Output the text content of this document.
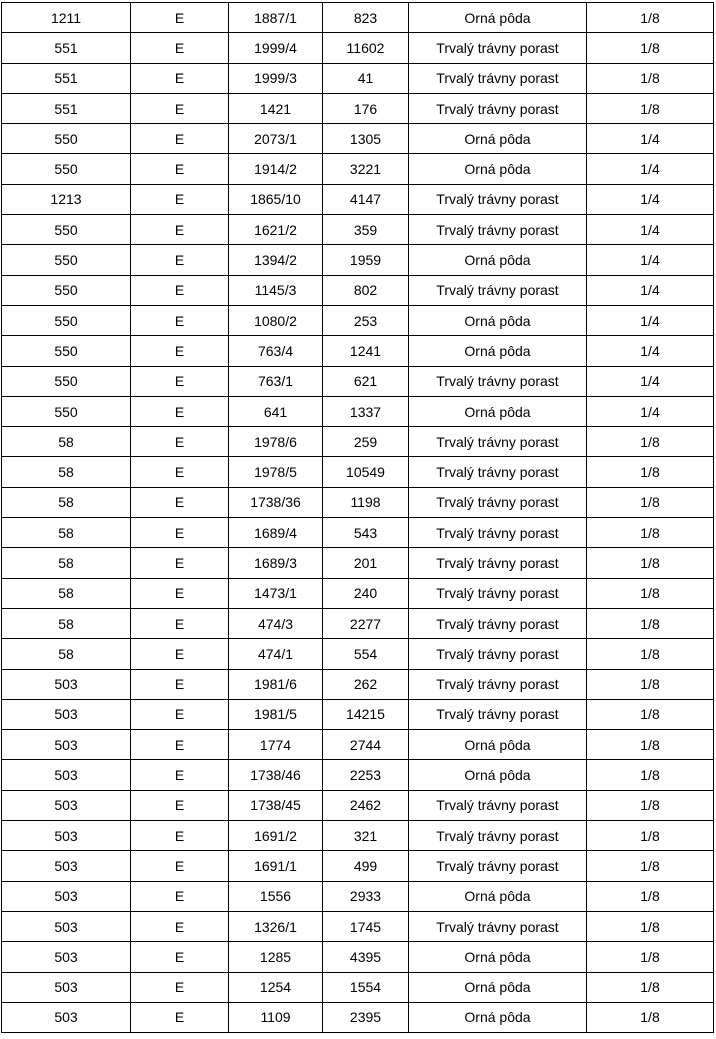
1211	E	1887/1	823	Orná pôda	1/8
551	E	1999/4	11602	Trvalý trávny porast	1/8
551	E	1999/3	41	Trvalý trávny porast	1/8
551	E	1421	176	Trvalý trávny porast	1/8
550	E	2073/1	1305	Orná pôda	1/4
550	E	1914/2	3221	Orná pôda	1/4
1213	E	1865/10	4147	Trvalý trávny porast	1/4
550	E	1621/2	359	Trvalý trávny porast	1/4
550	E	1394/2	1959	Orná pôda	1/4
550	E	1145/3	802	Trvalý trávny porast	1/4
550	E	1080/2	253	Orná pôda	1/4
550	E	763/4	1241	Orná pôda	1/4
550	E	763/1	621	Trvalý trávny porast	1/4
550	E	641	1337	Orná pôda	1/4
58	E	1978/6	259	Trvalý trávny porast	1/8
58	E	1978/5	10549	Trvalý trávny porast	1/8
58	E	1738/36	1198	Trvalý trávny porast	1/8
58	E	1689/4	543	Trvalý trávny porast	1/8
58	E	1689/3	201	Trvalý trávny porast	1/8
58	E	1473/1	240	Trvalý trávny porast	1/8
58	E	474/3	2277	Trvalý trávny porast	1/8
58	E	474/1	554	Trvalý trávny porast	1/8
503	E	1981/6	262	Trvalý trávny porast	1/8
503	E	1981/5	14215	Trvalý trávny porast	1/8
503	E	1774	2744	Orná pôda	1/8
503	E	1738/46	2253	Orná pôda	1/8
503	E	1738/45	2462	Trvalý trávny porast	1/8
503	E	1691/2	321	Trvalý trávny porast	1/8
503	E	1691/1	499	Trvalý trávny porast	1/8
503	E	1556	2933	Orná pôda	1/8
503	E	1326/1	1745	Trvalý trávny porast	1/8
503	E	1285	4395	Orná pôda	1/8
503	E	1254	1554	Orná pôda	1/8
503	E	1109	2395	Orná pôda	1/8
